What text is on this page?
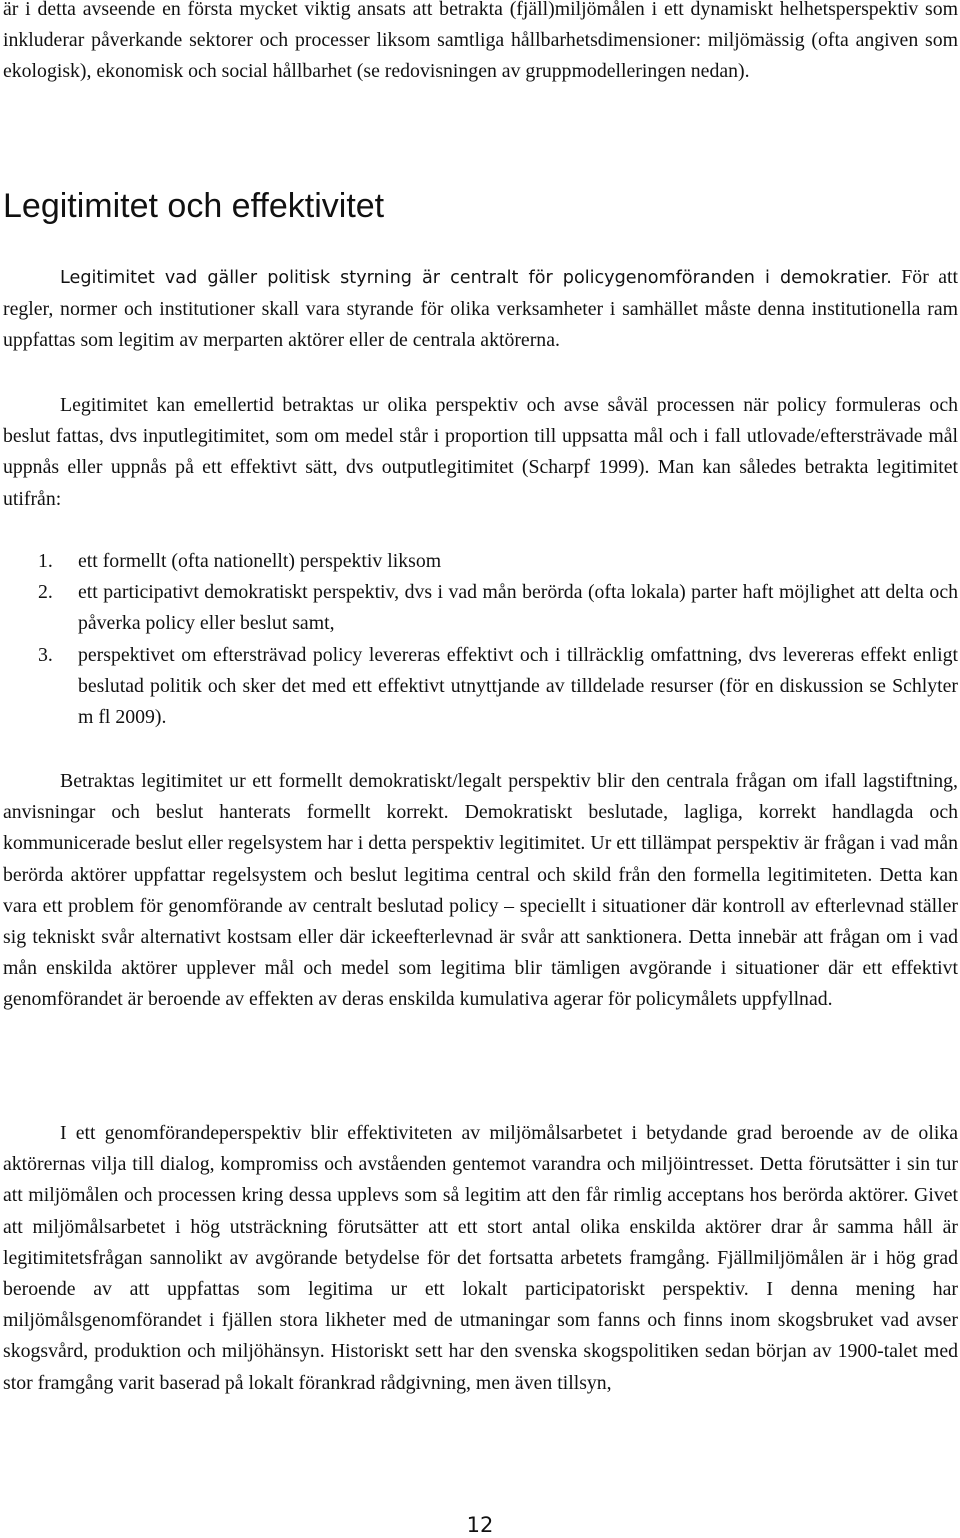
är i detta avseende en första mycket viktig ansats att betrakta (fjäll)miljömålen i ett dynamiskt helhetsperspektiv som inkluderar påverkande sektorer och processer liksom samtliga hållbarhetsdimensioner: miljömässig (ofta angiven som ekologisk), ekonomisk och social hållbarhet (se redovisningen av gruppmodelleringen nedan).

Legitimitet och effektivitet

Legitimitet vad gäller politisk styrning är centralt för policygenomföranden i demokratier. För att regler, normer och institutioner skall vara styrande för olika verksamheter i samhället måste denna institutionella ram uppfattas som legitim av merparten aktörer eller de centrala aktörerna.

Legitimitet kan emellertid betraktas ur olika perspektiv och avse såväl processen när policy formuleras och beslut fattas, dvs inputlegitimitet, som om medel står i proportion till uppsatta mål och i fall utlovade/eftersträvade mål uppnås eller uppnås på ett effektivt sätt, dvs outputlegitimitet (Scharpf 1999). Man kan således betrakta legitimitet utifrån:

1. ett formellt (ofta nationellt) perspektiv liksom
2. ett participativt demokratiskt perspektiv, dvs i vad mån berörda (ofta lokala) parter haft möjlighet att delta och påverka policy eller beslut samt,
3. perspektivet om eftersträvad policy levereras effektivt och i tillräcklig omfattning, dvs levereras effekt enligt beslutad politik och sker det med ett effektivt utnyttjande av tilldelade resurser (för en diskussion se Schlyter m fl 2009).

Betraktas legitimitet ur ett formellt demokratiskt/legalt perspektiv blir den centrala frågan om ifall lagstiftning, anvisningar och beslut hanterats formellt korrekt. Demokratiskt beslutade, lagliga, korrekt handlagda och kommunicerade beslut eller regelsystem har i detta perspektiv legitimitet. Ur ett tillämpat perspektiv är frågan i vad mån berörda aktörer uppfattar regelsystem och beslut legitima central och skild från den formella legitimiteten. Detta kan vara ett problem för genomförande av centralt beslutad policy – speciellt i situationer där kontroll av efterlevnad ställer sig tekniskt svår alternativt kostsam eller där ickeefterlevnad är svår att sanktionera. Detta innebär att frågan om i vad mån enskilda aktörer upplever mål och medel som legitima blir tämligen avgörande i situationer där ett effektivt genomförandet är beroende av effekten av deras enskilda kumulativa agerar för policymålets uppfyllnad.

I ett genomförandeperspektiv blir effektiviteten av miljömålsarbetet i betydande grad beroende av de olika aktörernas vilja till dialog, kompromiss och avståenden gentemot varandra och miljöintresset. Detta förutsätter i sin tur att miljömålen och processen kring dessa upplevs som så legitim att den får rimlig acceptans hos berörda aktörer. Givet att miljömålsarbetet i hög utsträckning förutsätter att ett stort antal olika enskilda aktörer drar år samma håll är legitimitetsfrågan sannolikt av avgörande betydelse för det fortsatta arbetets framgång. Fjällmiljömålen är i hög grad beroende av att uppfattas som legitima ur ett lokalt participatoriskt perspektiv. I denna mening har miljömålsgenomförandet i fjällen stora likheter med de utmaningar som fanns och finns inom skogsbruket vad avser skogsvård, produktion och miljöhänsyn. Historiskt sett har den svenska skogspolitiken sedan början av 1900-talet med stor framgång varit baserad på lokalt förankrad rådgivning, men även tillsyn,

12
